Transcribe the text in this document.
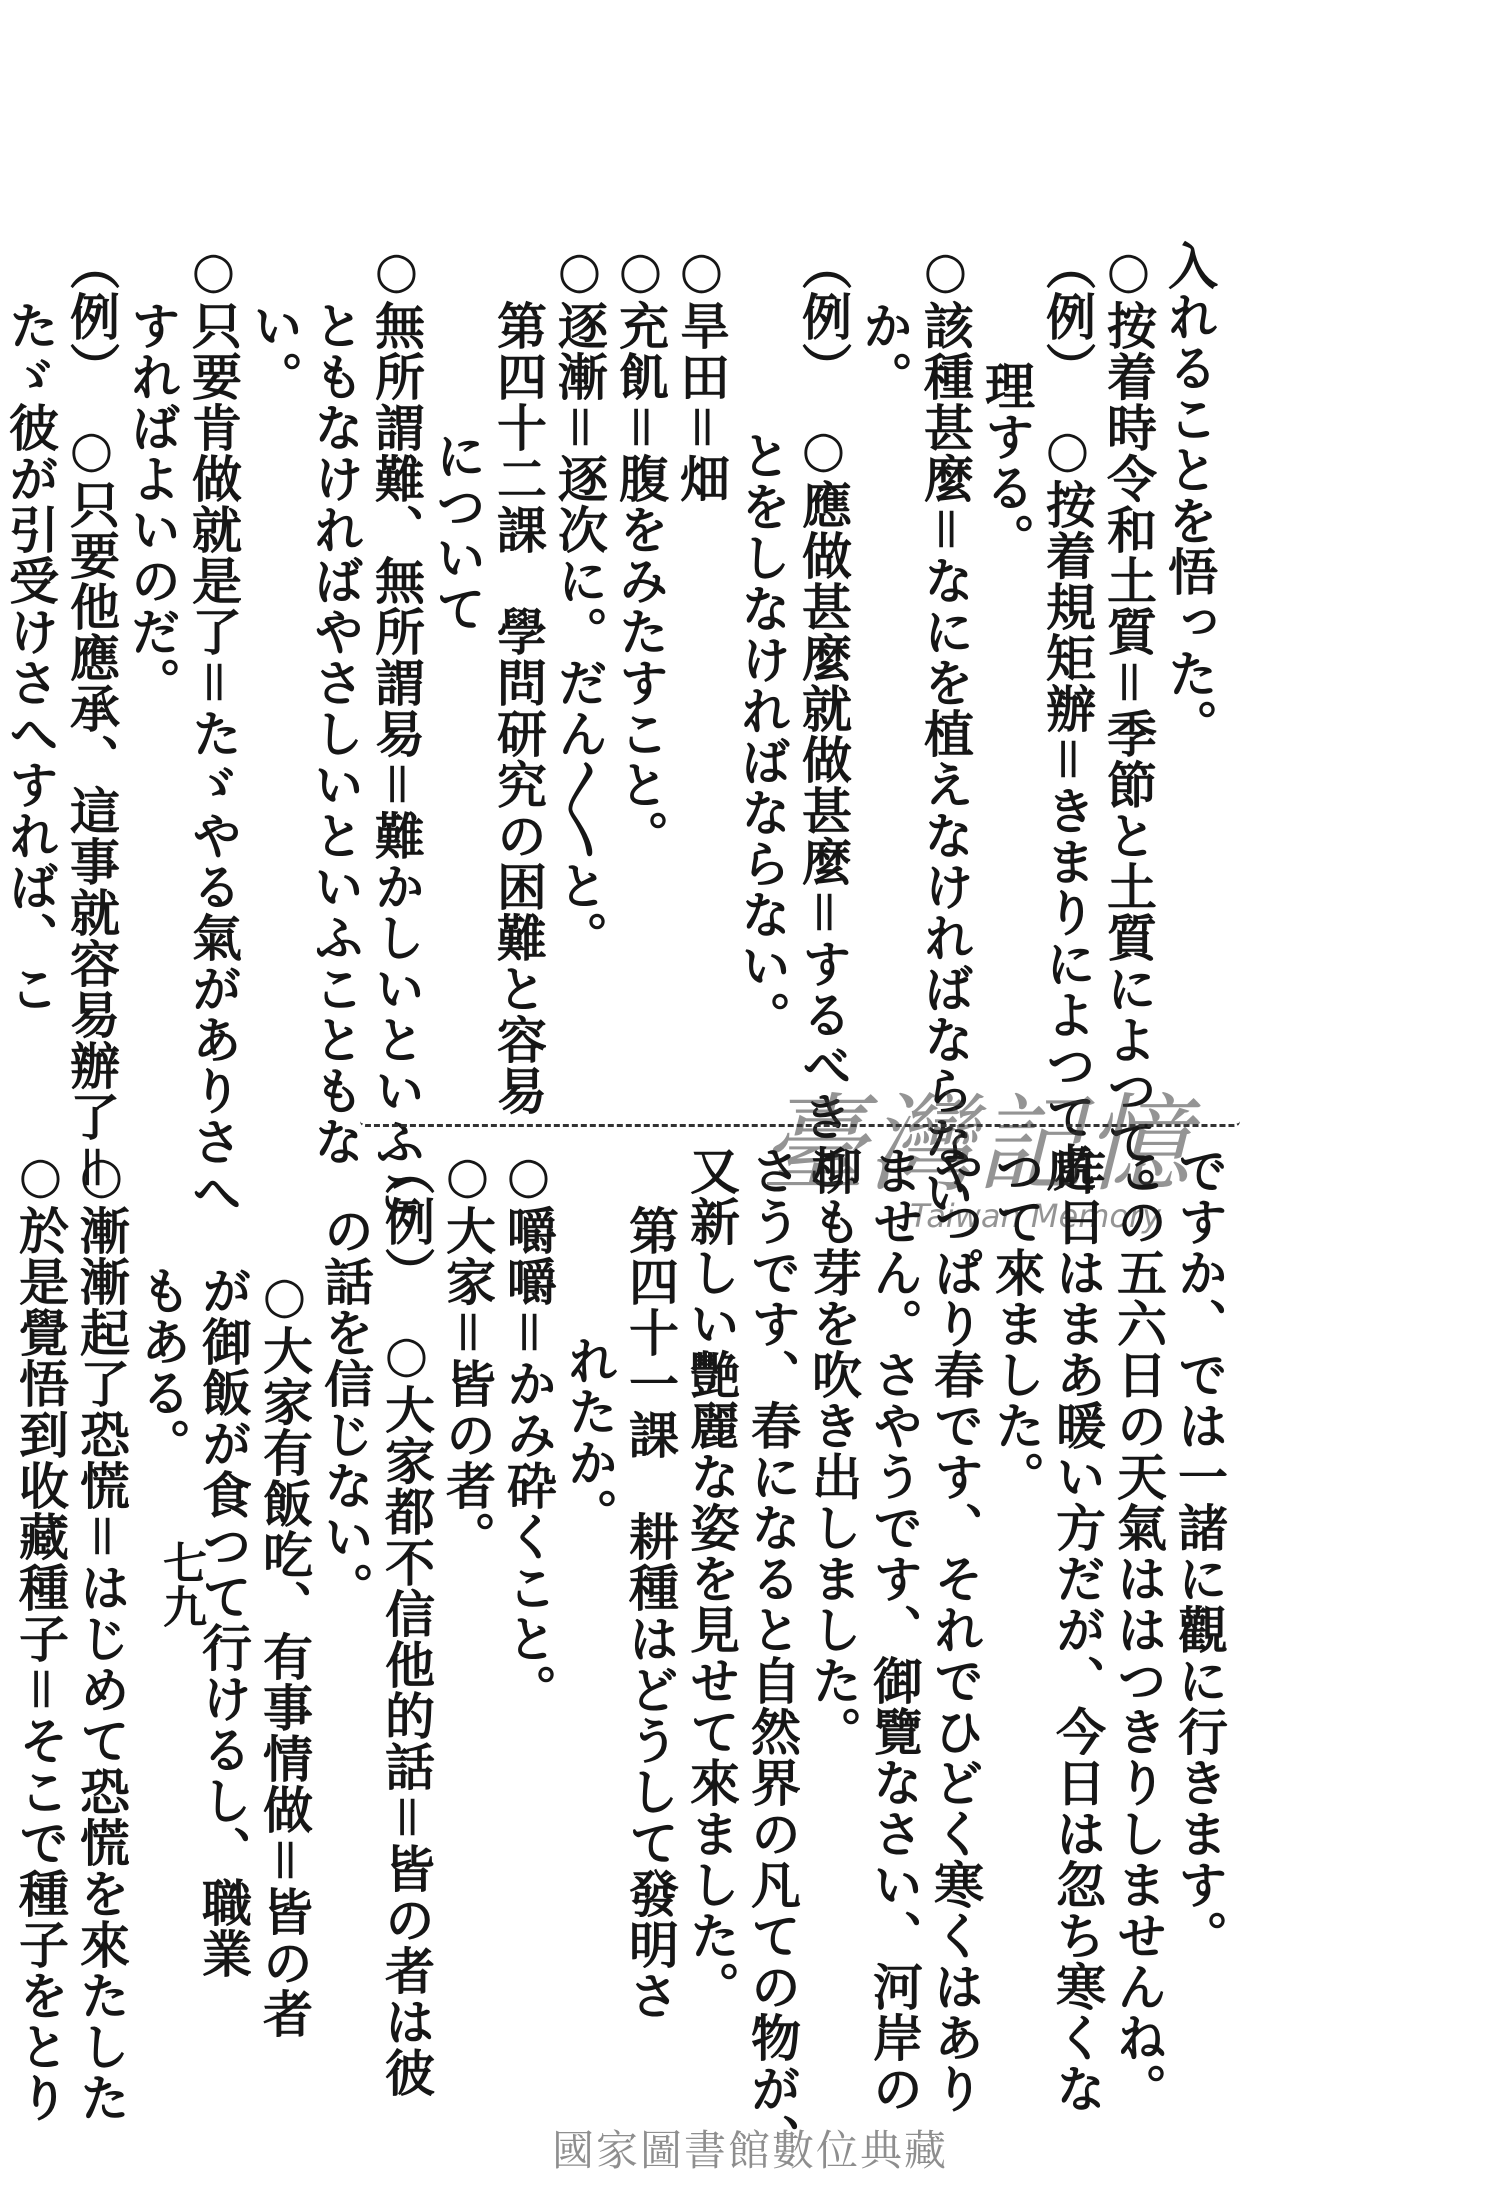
入れることを悟った。
○按着時令和土質＝季節と土質によつて。
（例）　○按着規矩辦＝きまりによつて處
理する。
○該種甚麼＝なにを植えなければならない
か。
（例）　○應做甚麼就做甚麼＝するべきこ
とをしなければならない。
○旱田＝畑
○充飢＝腹をみたすこと。
○逐漸＝逐次に。だん〱と。
第四十二課　學問研究の困難と容易
について
○無所謂難、無所謂易＝難かしいといふこ
ともなければやさしいといふこともな
い。
○只要肯做就是了＝たゞやる氣がありさへ
すればよいのだ。
（例）　○只要他應承、這事就容易辦了＝
たゞ彼が引受けさへすれば、こ
臺灣記憶
Taiwan Memory ですか、では一諸に觀に行きます。
この五六日の天氣ははつきりしませんね。
昨日はまあ暖い方だが、今日は忽ち寒くな
つて來ました。
やつぱり春です、それでひどく寒くはあり
ません。さやうです、御覽なさい、河岸の
柳も芽を吹き出しました。
さうです、春になると自然界の凡ての物が、
又新しい艷麗な姿を見せて來ました。
第四十一課　耕種はどうして發明さ
れたか。
○嚼嚼＝かみ砕くこと。
○大家＝皆の者。
（例）　○大家都不信他的話＝皆の者は彼
の話を信じない。
○大家有飯吃、有事情做＝皆の者
が御飯が食つて行けるし、職業
もある。
○漸漸起了恐慌＝はじめて恐慌を來たした
○於是覺悟到收藏種子＝そこで種子をとり 七九
國家圖書館數位典藏
